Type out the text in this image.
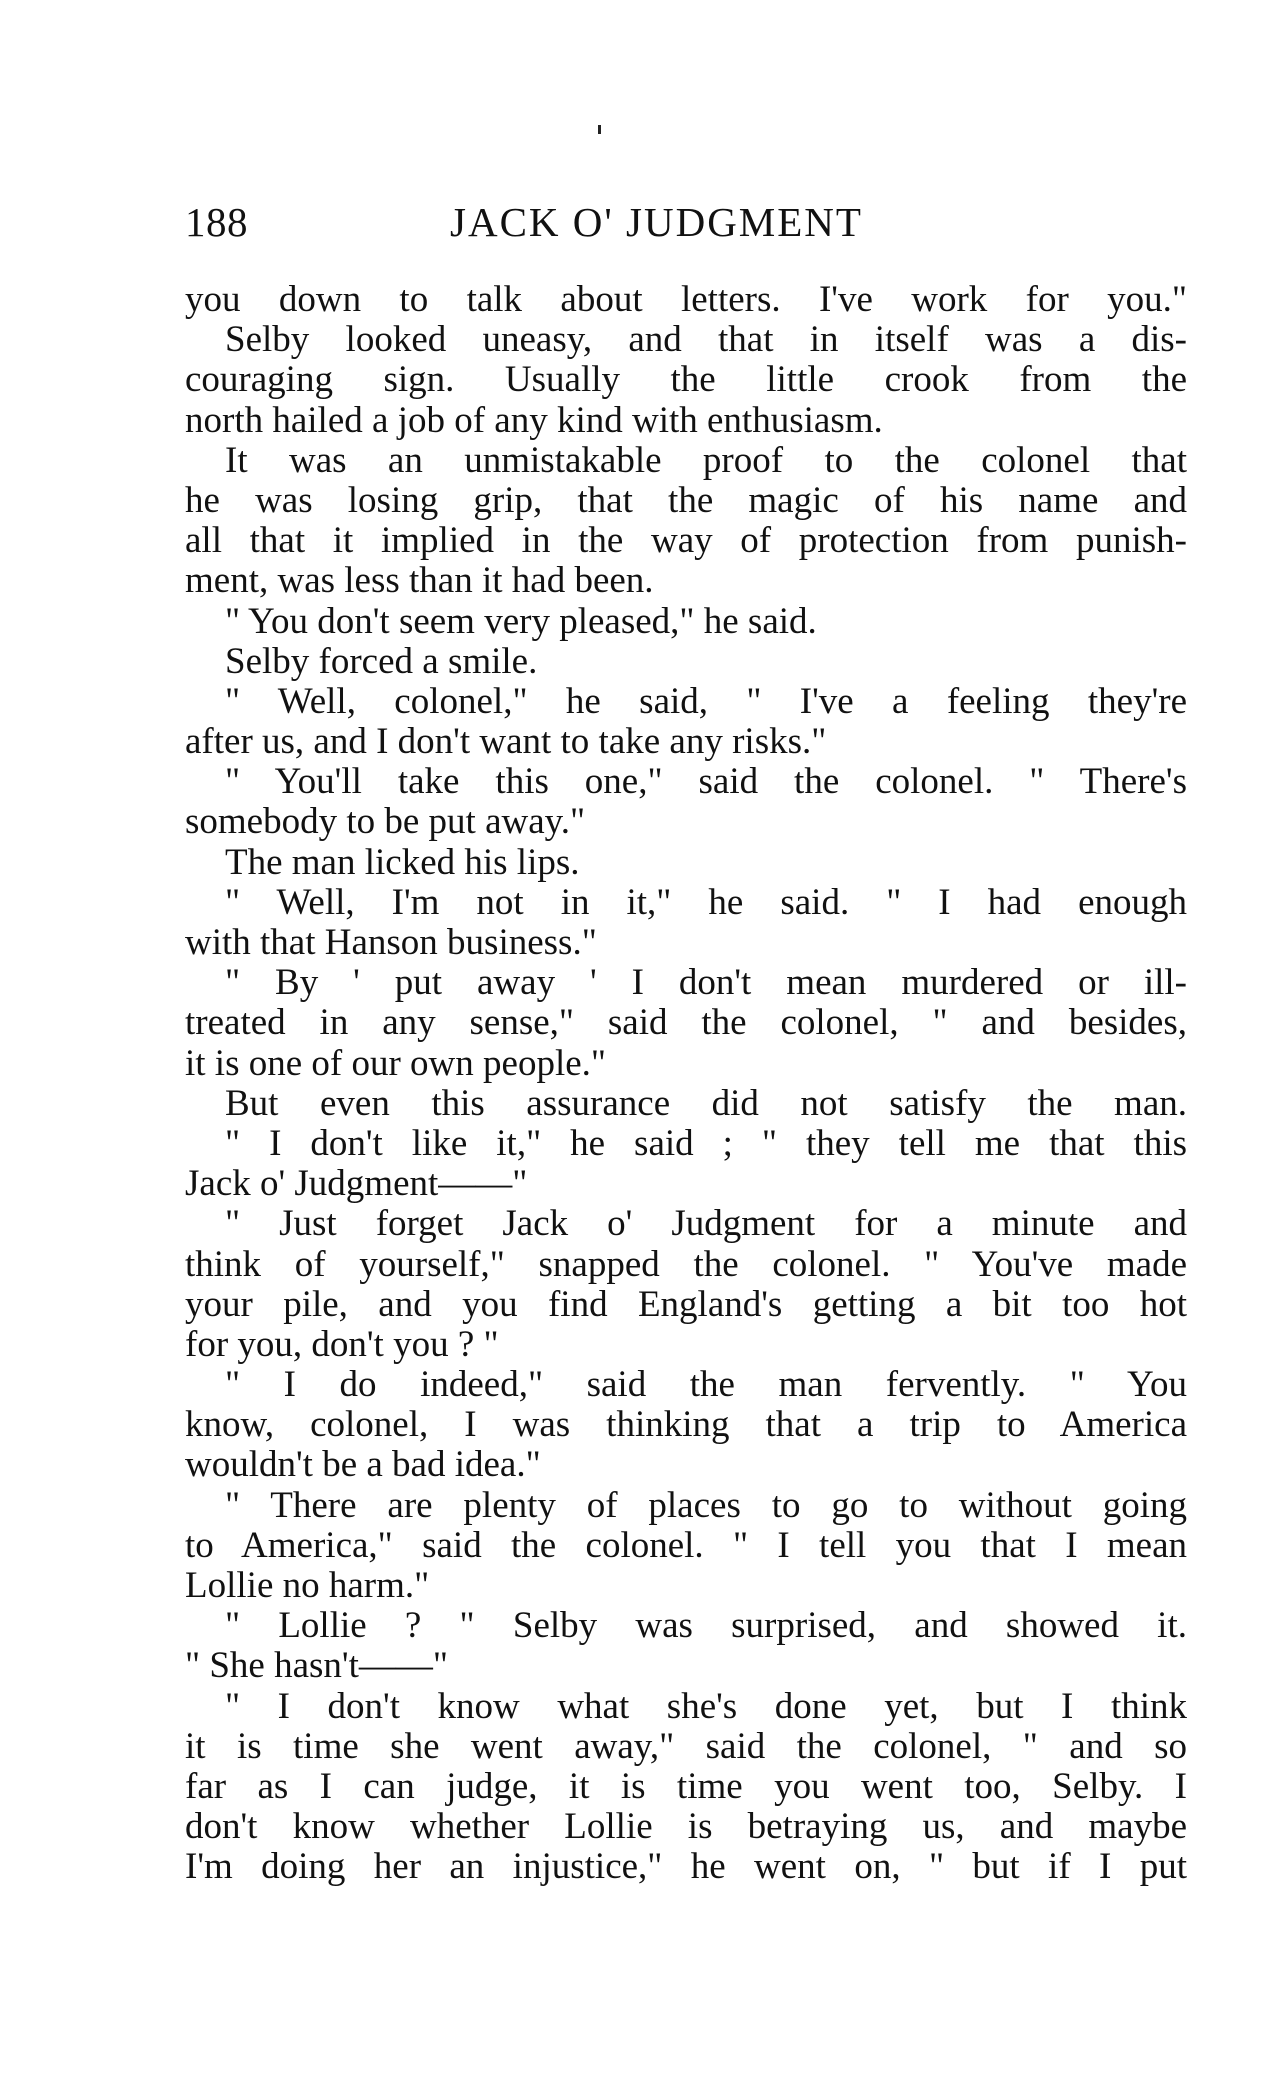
188	JACK O' JUDGMENT
you down to talk about letters. I've work for you."
Selby looked uneasy, and that in itself was a dis-
couraging sign. Usually the little crook from the
north hailed a job of any kind with enthusiasm.
It was an unmistakable proof to the colonel that
he was losing grip, that the magic of his name and
all that it implied in the way of protection from punish-
ment, was less than it had been.
" You don't seem very pleased," he said.
Selby forced a smile.
" Well, colonel," he said, " I've a feeling they're
after us, and I don't want to take any risks."
" You'll take this one," said the colonel. " There's
somebody to be put away."
The man licked his lips.
" Well, I'm not in it," he said. " I had enough
with that Hanson business."
" By ' put away ' I don't mean murdered or ill-
treated in any sense," said the colonel, " and besides,
it is one of our own people."
But even this assurance did not satisfy the man.
" I don't like it," he said ; " they tell me that this
Jack o' Judgment——"
" Just forget Jack o' Judgment for a minute and
think of yourself," snapped the colonel. " You've made
your pile, and you find England's getting a bit too hot
for you, don't you ? "
" I do indeed," said the man fervently. " You
know, colonel, I was thinking that a trip to America
wouldn't be a bad idea."
" There are plenty of places to go to without going
to America," said the colonel. " I tell you that I mean
Lollie no harm."
" Lollie ? " Selby was surprised, and showed it.
" She hasn't——"
" I don't know what she's done yet, but I think
it is time she went away," said the colonel, " and so
far as I can judge, it is time you went too, Selby. I
don't know whether Lollie is betraying us, and maybe
I'm doing her an injustice," he went on, " but if I put
